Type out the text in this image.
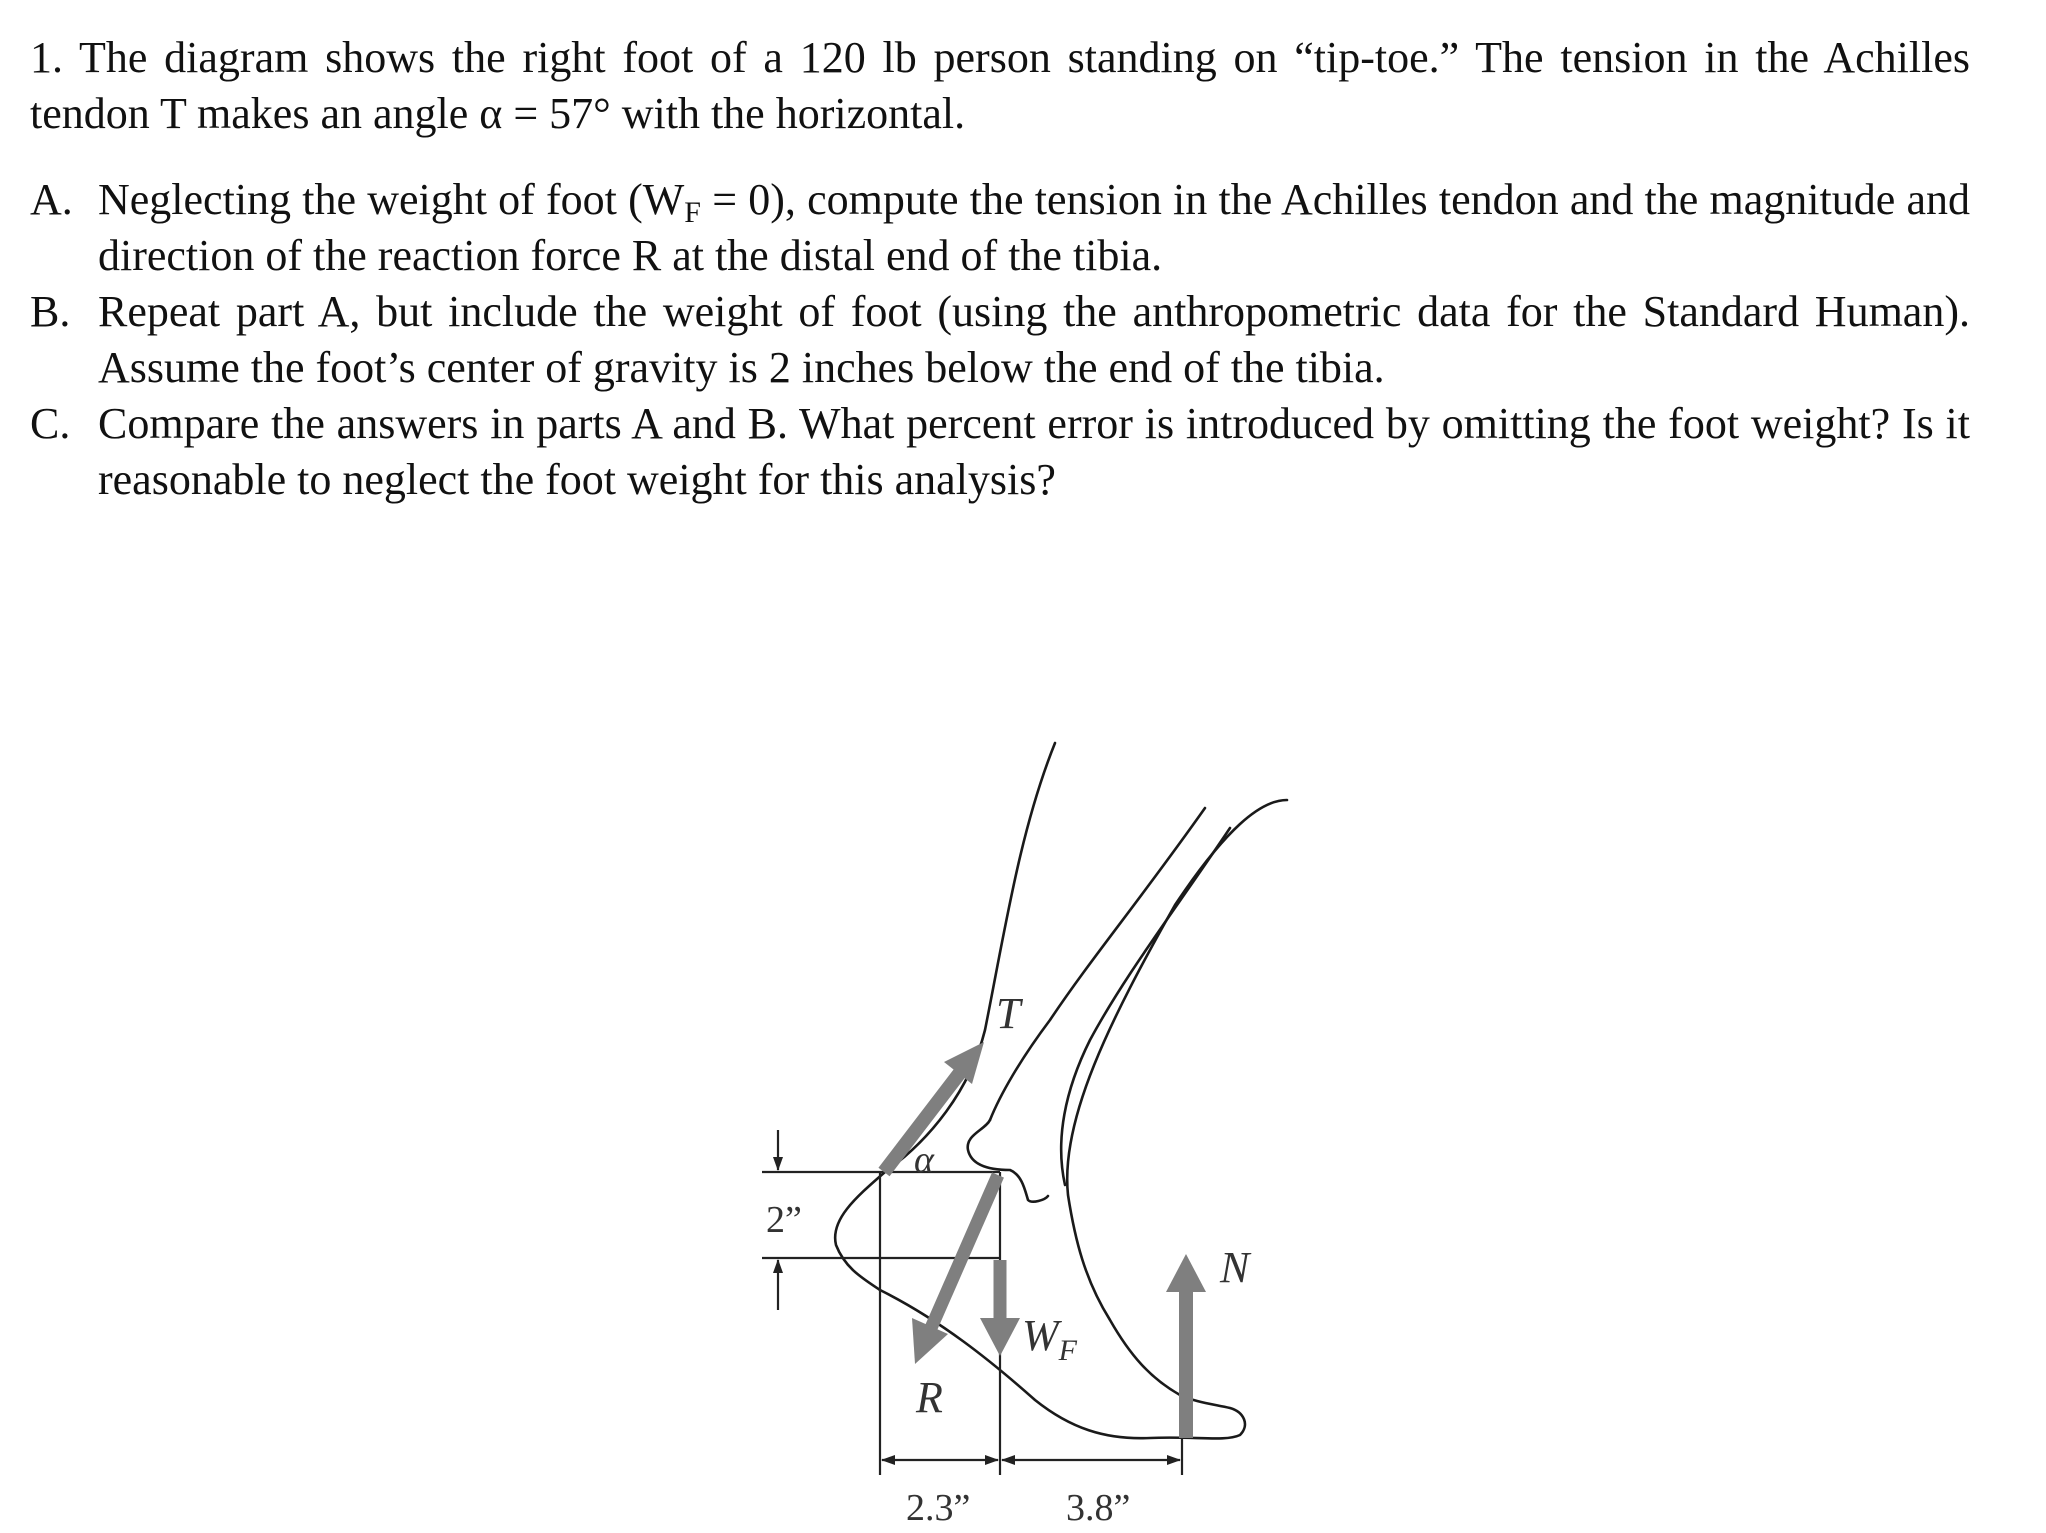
1. The diagram shows the right foot of a 120 lb person standing on “tip-toe.” The tension in the Achilles tendon T makes an angle α = 57° with the horizontal.

A. Neglecting the weight of foot $(W_F = 0)$, compute the tension in the Achilles tendon and the magnitude and direction of the reaction force R at the distal end of the tibia.
B. Repeat part A, but include the weight of foot (using the anthropometric data for the Standard Human). Assume the foot’s center of gravity is 2 inches below the end of the tibia.
C. Compare the answers in parts A and B. What percent error is introduced by omitting the foot weight? Is it reasonable to neglect the foot weight for this analysis?
2”
2.3”	3.8”
T
α
R
N
$W_F$
